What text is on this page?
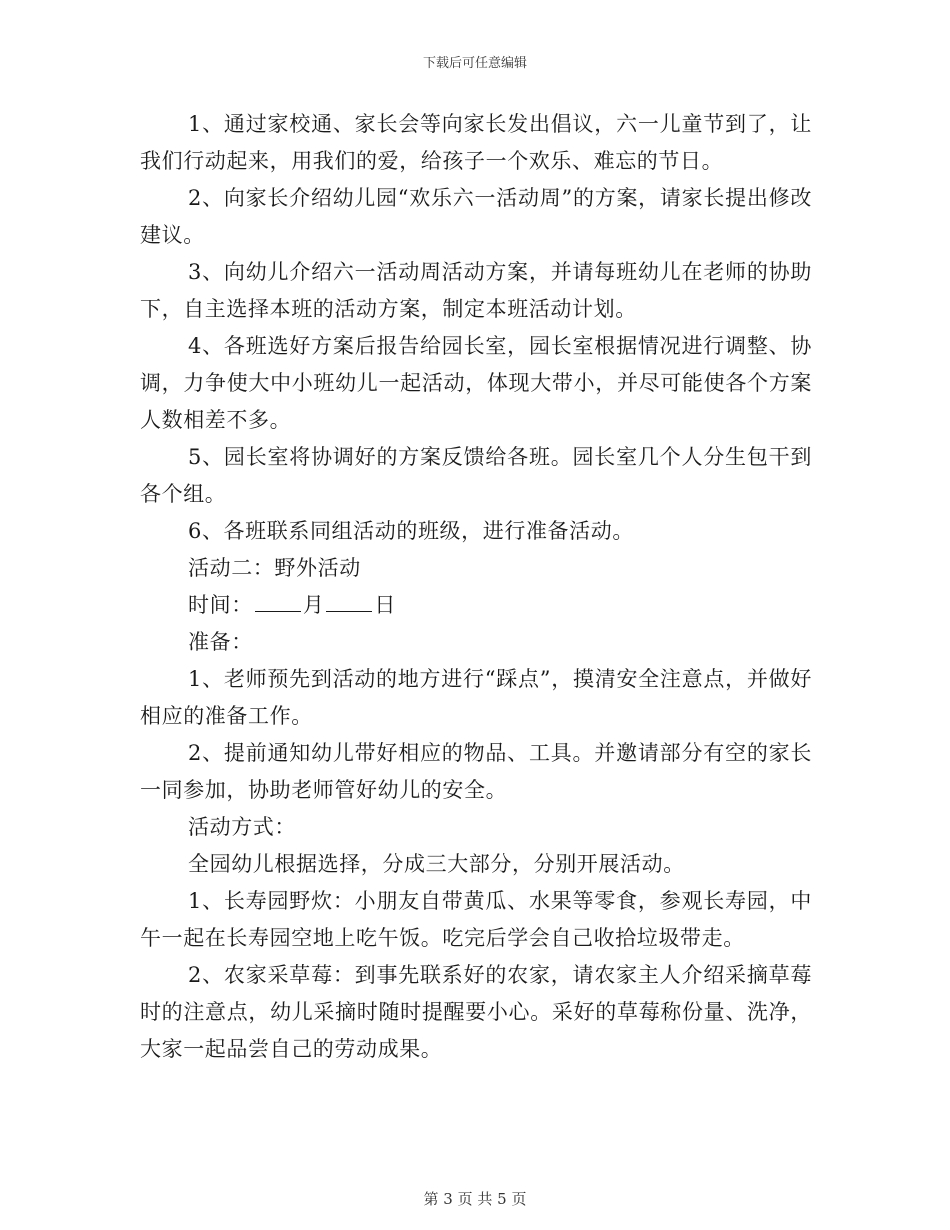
下载后可任意编辑

1、通过家校通、家长会等向家长发出倡议，六一儿童节到了，让我们行动起来，用我们的爱，给孩子一个欢乐、难忘的节日。

2、向家长介绍幼儿园“欢乐六一活动周”的方案，请家长提出修改建议。

3、向幼儿介绍六一活动周活动方案，并请每班幼儿在老师的协助下，自主选择本班的活动方案，制定本班活动计划。

4、各班选好方案后报告给园长室，园长室根据情况进行调整、协调，力争使大中小班幼儿一起活动，体现大带小，并尽可能使各个方案人数相差不多。

5、园长室将协调好的方案反馈给各班。园长室几个人分生包干到各个组。

6、各班联系同组活动的班级，进行准备活动。

活动二：野外活动

时间： 月 日

准备：

1、老师预先到活动的地方进行“踩点”，摸清安全注意点，并做好相应的准备工作。

2、提前通知幼儿带好相应的物品、工具。并邀请部分有空的家长一同参加，协助老师管好幼儿的安全。

活动方式：

全园幼儿根据选择，分成三大部分，分别开展活动。

1、长寿园野炊：小朋友自带黄瓜、水果等零食，参观长寿园，中午一起在长寿园空地上吃午饭。吃完后学会自己收拾垃圾带走。

2、农家采草莓：到事先联系好的农家，请农家主人介绍采摘草莓时的注意点，幼儿采摘时随时提醒要小心。采好的草莓称份量、洗净，大家一起品尝自己的劳动成果。

第 3 页 共 5 页
